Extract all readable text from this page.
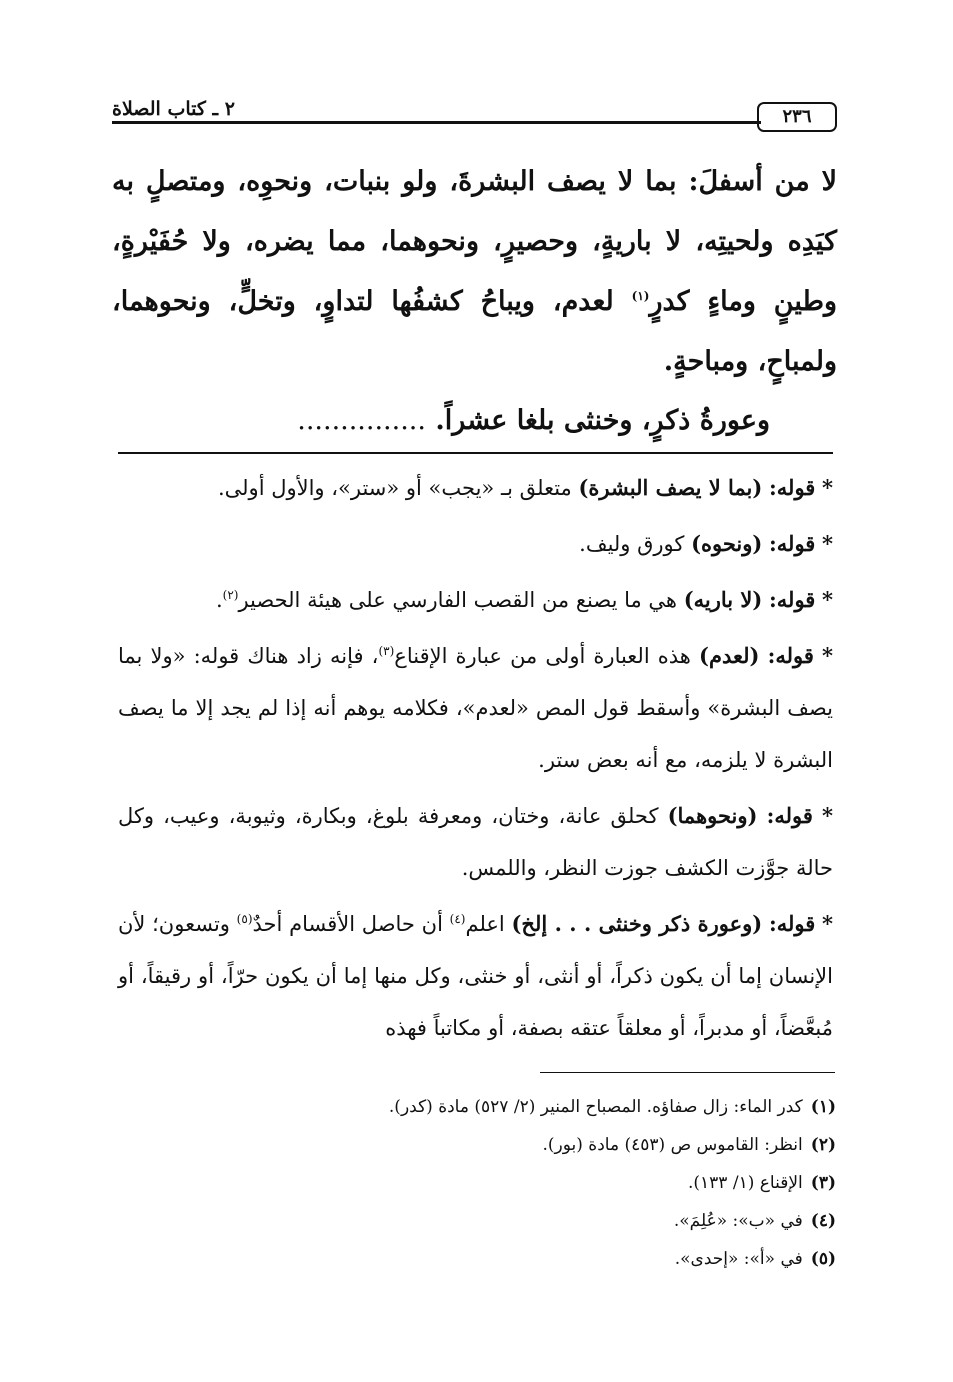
٢٣٦
٢ ـ كتاب الصلاة
لا من أسفلَ: بما لا يصف البشرةَ، ولو بنبات، ونحوِه، ومتصلٍ به كيَدِه ولحيتِه، لا باريةٍ، وحصيرٍ، ونحوهما، مما يضره، ولا حُفَيْرةٍ، وطينٍ وماءٍ كدرٍ$^{(١)}$ لعدم، ويباحُ كشفُها لتداوٍ، وتخلٍّ، ونحوهما، ولمباحٍ، ومباحةٍ.
وعورةُ ذكرٍ، وخنثى بلغا عشراً. ...............

* قوله: (بما لا يصف البشرة) متعلق بـ «يجب» أو «ستر»، والأول أولى.

* قوله: (ونحوه) كورق وليف.

* قوله: (لا باريه) هي ما يصنع من القصب الفارسي على هيئة الحصير$^{(٢)}$.

* قوله: (لعدم) هذه العبارة أولى من عبارة الإقناع$^{(٣)}$، فإنه زاد هناك قوله: «ولا بما يصف البشرة» وأسقط قول المص «لعدم»، فكلامه يوهم أنه إذا لم يجد إلا ما يصف البشرة لا يلزمه، مع أنه بعض ستر.

* قوله: (ونحوهما) كحلق عانة، وختان، ومعرفة بلوغ، وبكارة، وثيوبة، وعيب، وكل حالة جوَّزت الكشف جوزت النظر، واللمس.

* قوله: (وعورة ذكر وخنثى . . . إلخ) اعلم$^{(٤)}$ أن حاصل الأقسام أحدٌ$^{(٥)}$ وتسعون؛ لأن الإنسان إما أن يكون ذكراً، أو أنثى، أو خنثى، وكل منها إما أن يكون حرّاً، أو رقيقاً، أو مُبعَّضاً، أو مدبراً، أو معلقاً عتقه بصفة، أو مكاتباً فهذه

(١)كدر الماء: زال صفاؤه. المصباح المنير (٢/ ٥٢٧) مادة (كدر).
(٢)انظر: القاموس ص (٤٥٣) مادة (بور).
(٣)الإقناع (١/ ١٣٣).
(٤)في «ب»: «عُلِمَ».
(٥)في «أ»: «إحدى».
